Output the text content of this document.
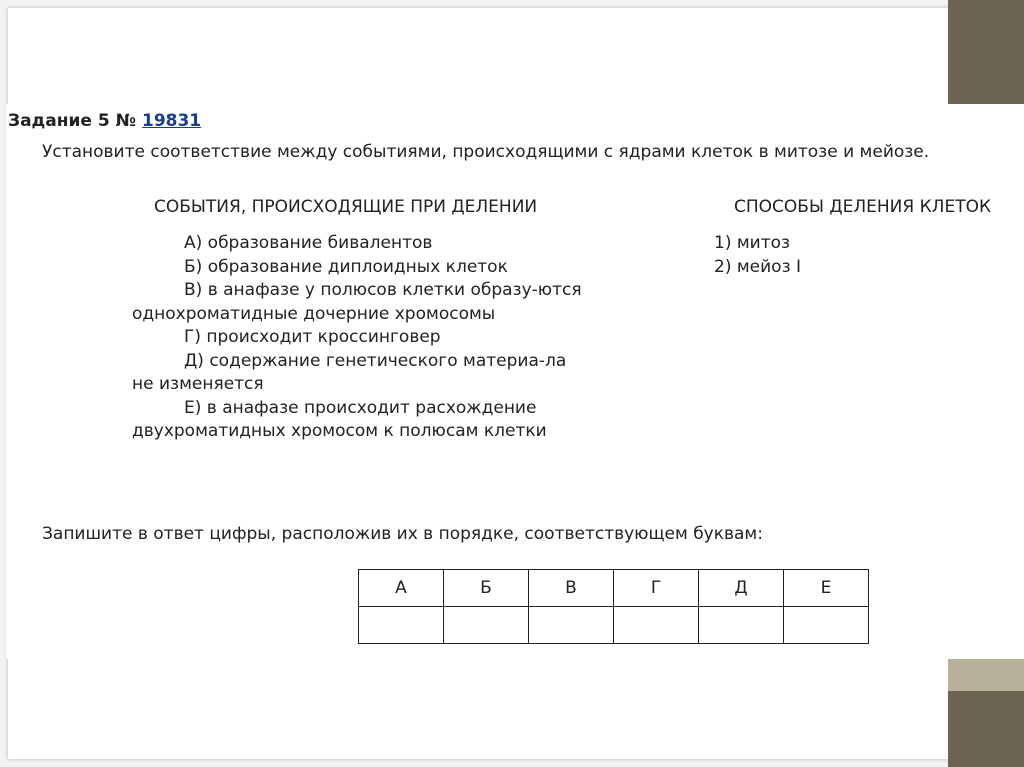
Задание 5 № 19831
Установите соответствие между событиями, происходящими с ядрами клеток в митозе и мейозе.
СОБЫТИЯ, ПРОИСХОДЯЩИЕ ПРИ ДЕЛЕНИИ	СПОСОБЫ ДЕЛЕНИЯ КЛЕТОК
А) образование бивалентов
Б) образование диплоидных клеток
В) в анафазе у полюсов клетки образу-ются однохроматидные дочерние хромосомы
Г) происходит кроссинговер
Д) содержание генетического материа-ла не изменяется
Е) в анафазе происходит расхождение двухроматидных хромосом к полюсам клетки
1) митоз
2) мейоз I
Запишите в ответ цифры, расположив их в порядке, соответствующем буквам:
А	Б	В	Г	Д	Е
